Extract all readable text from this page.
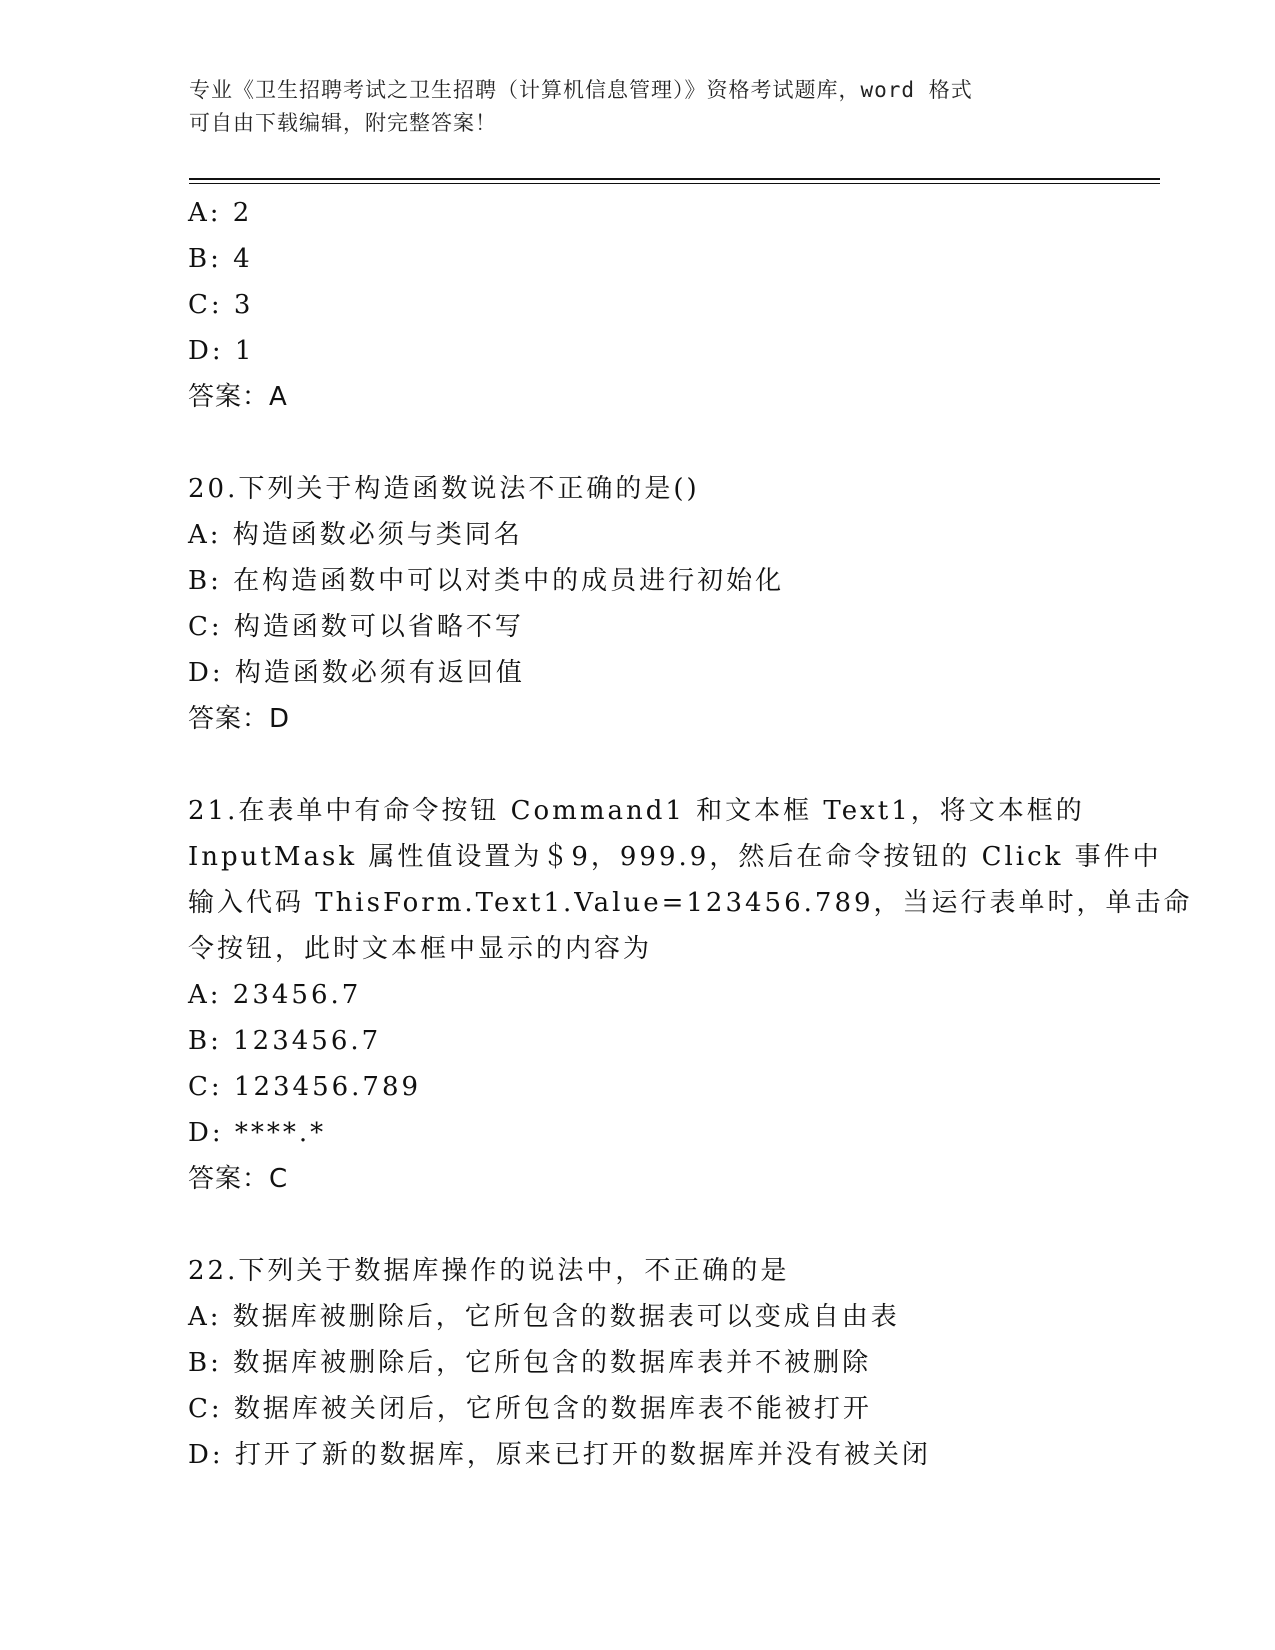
专业《卫生招聘考试之卫生招聘（计算机信息管理）》资格考试题库，word 格式
可自由下载编辑，附完整答案！
A: 2
B: 4
C: 3
D: 1
答案：A
20.下列关于构造函数说法不正确的是()
A: 构造函数必须与类同名
B: 在构造函数中可以对类中的成员进行初始化
C: 构造函数可以省略不写
D: 构造函数必须有返回值
答案：D
21.在表单中有命令按钮 Command1 和文本框 Text1，将文本框的
InputMask 属性值设置为＄9，999.9，然后在命令按钮的 Click 事件中
输入代码 ThisForm.Text1.Value=123456.789，当运行表单时，单击命
令按钮，此时文本框中显示的内容为
A: 23456.7
B: 123456.7
C: 123456.789
D: ****.*
答案：C
22.下列关于数据库操作的说法中，不正确的是
A: 数据库被删除后，它所包含的数据表可以变成自由表
B: 数据库被删除后，它所包含的数据库表并不被删除
C: 数据库被关闭后，它所包含的数据库表不能被打开
D: 打开了新的数据库，原来已打开的数据库并没有被关闭
